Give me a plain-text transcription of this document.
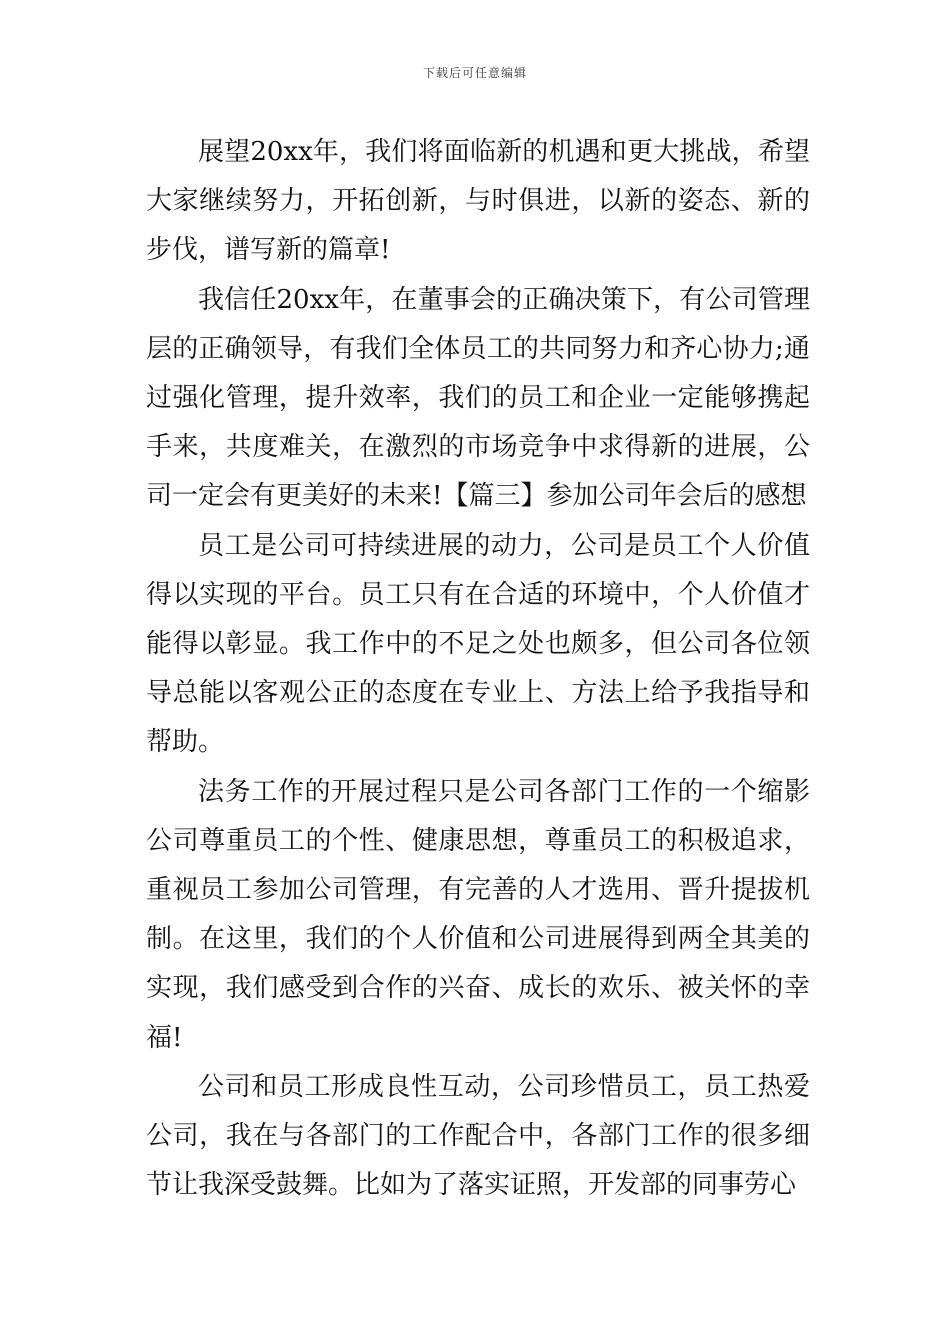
下载后可任意编辑

展望20xx年，我们将面临新的机遇和更大挑战，希望大家继续努力，开拓创新，与时俱进，以新的姿态、新的步伐，谱写新的篇章!

我信任20xx年，在董事会的正确决策下，有公司管理层的正确领导，有我们全体员工的共同努力和齐心协力;通过强化管理，提升效率，我们的员工和企业一定能够携起手来，共度难关，在激烈的市场竞争中求得新的进展，公司一定会有更美好的未来!【篇三】参加公司年会后的感想

员工是公司可持续进展的动力，公司是员工个人价值得以实现的平台。员工只有在合适的环境中，个人价值才能得以彰显。我工作中的不足之处也颇多，但公司各位领导总能以客观公正的态度在专业上、方法上给予我指导和帮助。

法务工作的开展过程只是公司各部门工作的一个缩影公司尊重员工的个性、健康思想，尊重员工的积极追求，重视员工参加公司管理，有完善的人才选用、晋升提拔机制。在这里，我们的个人价值和公司进展得到两全其美的实现，我们感受到合作的兴奋、成长的欢乐、被关怀的幸福!

公司和员工形成良性互动，公司珍惜员工，员工热爱公司，我在与各部门的工作配合中，各部门工作的很多细节让我深受鼓舞。比如为了落实证照，开发部的同事劳心
